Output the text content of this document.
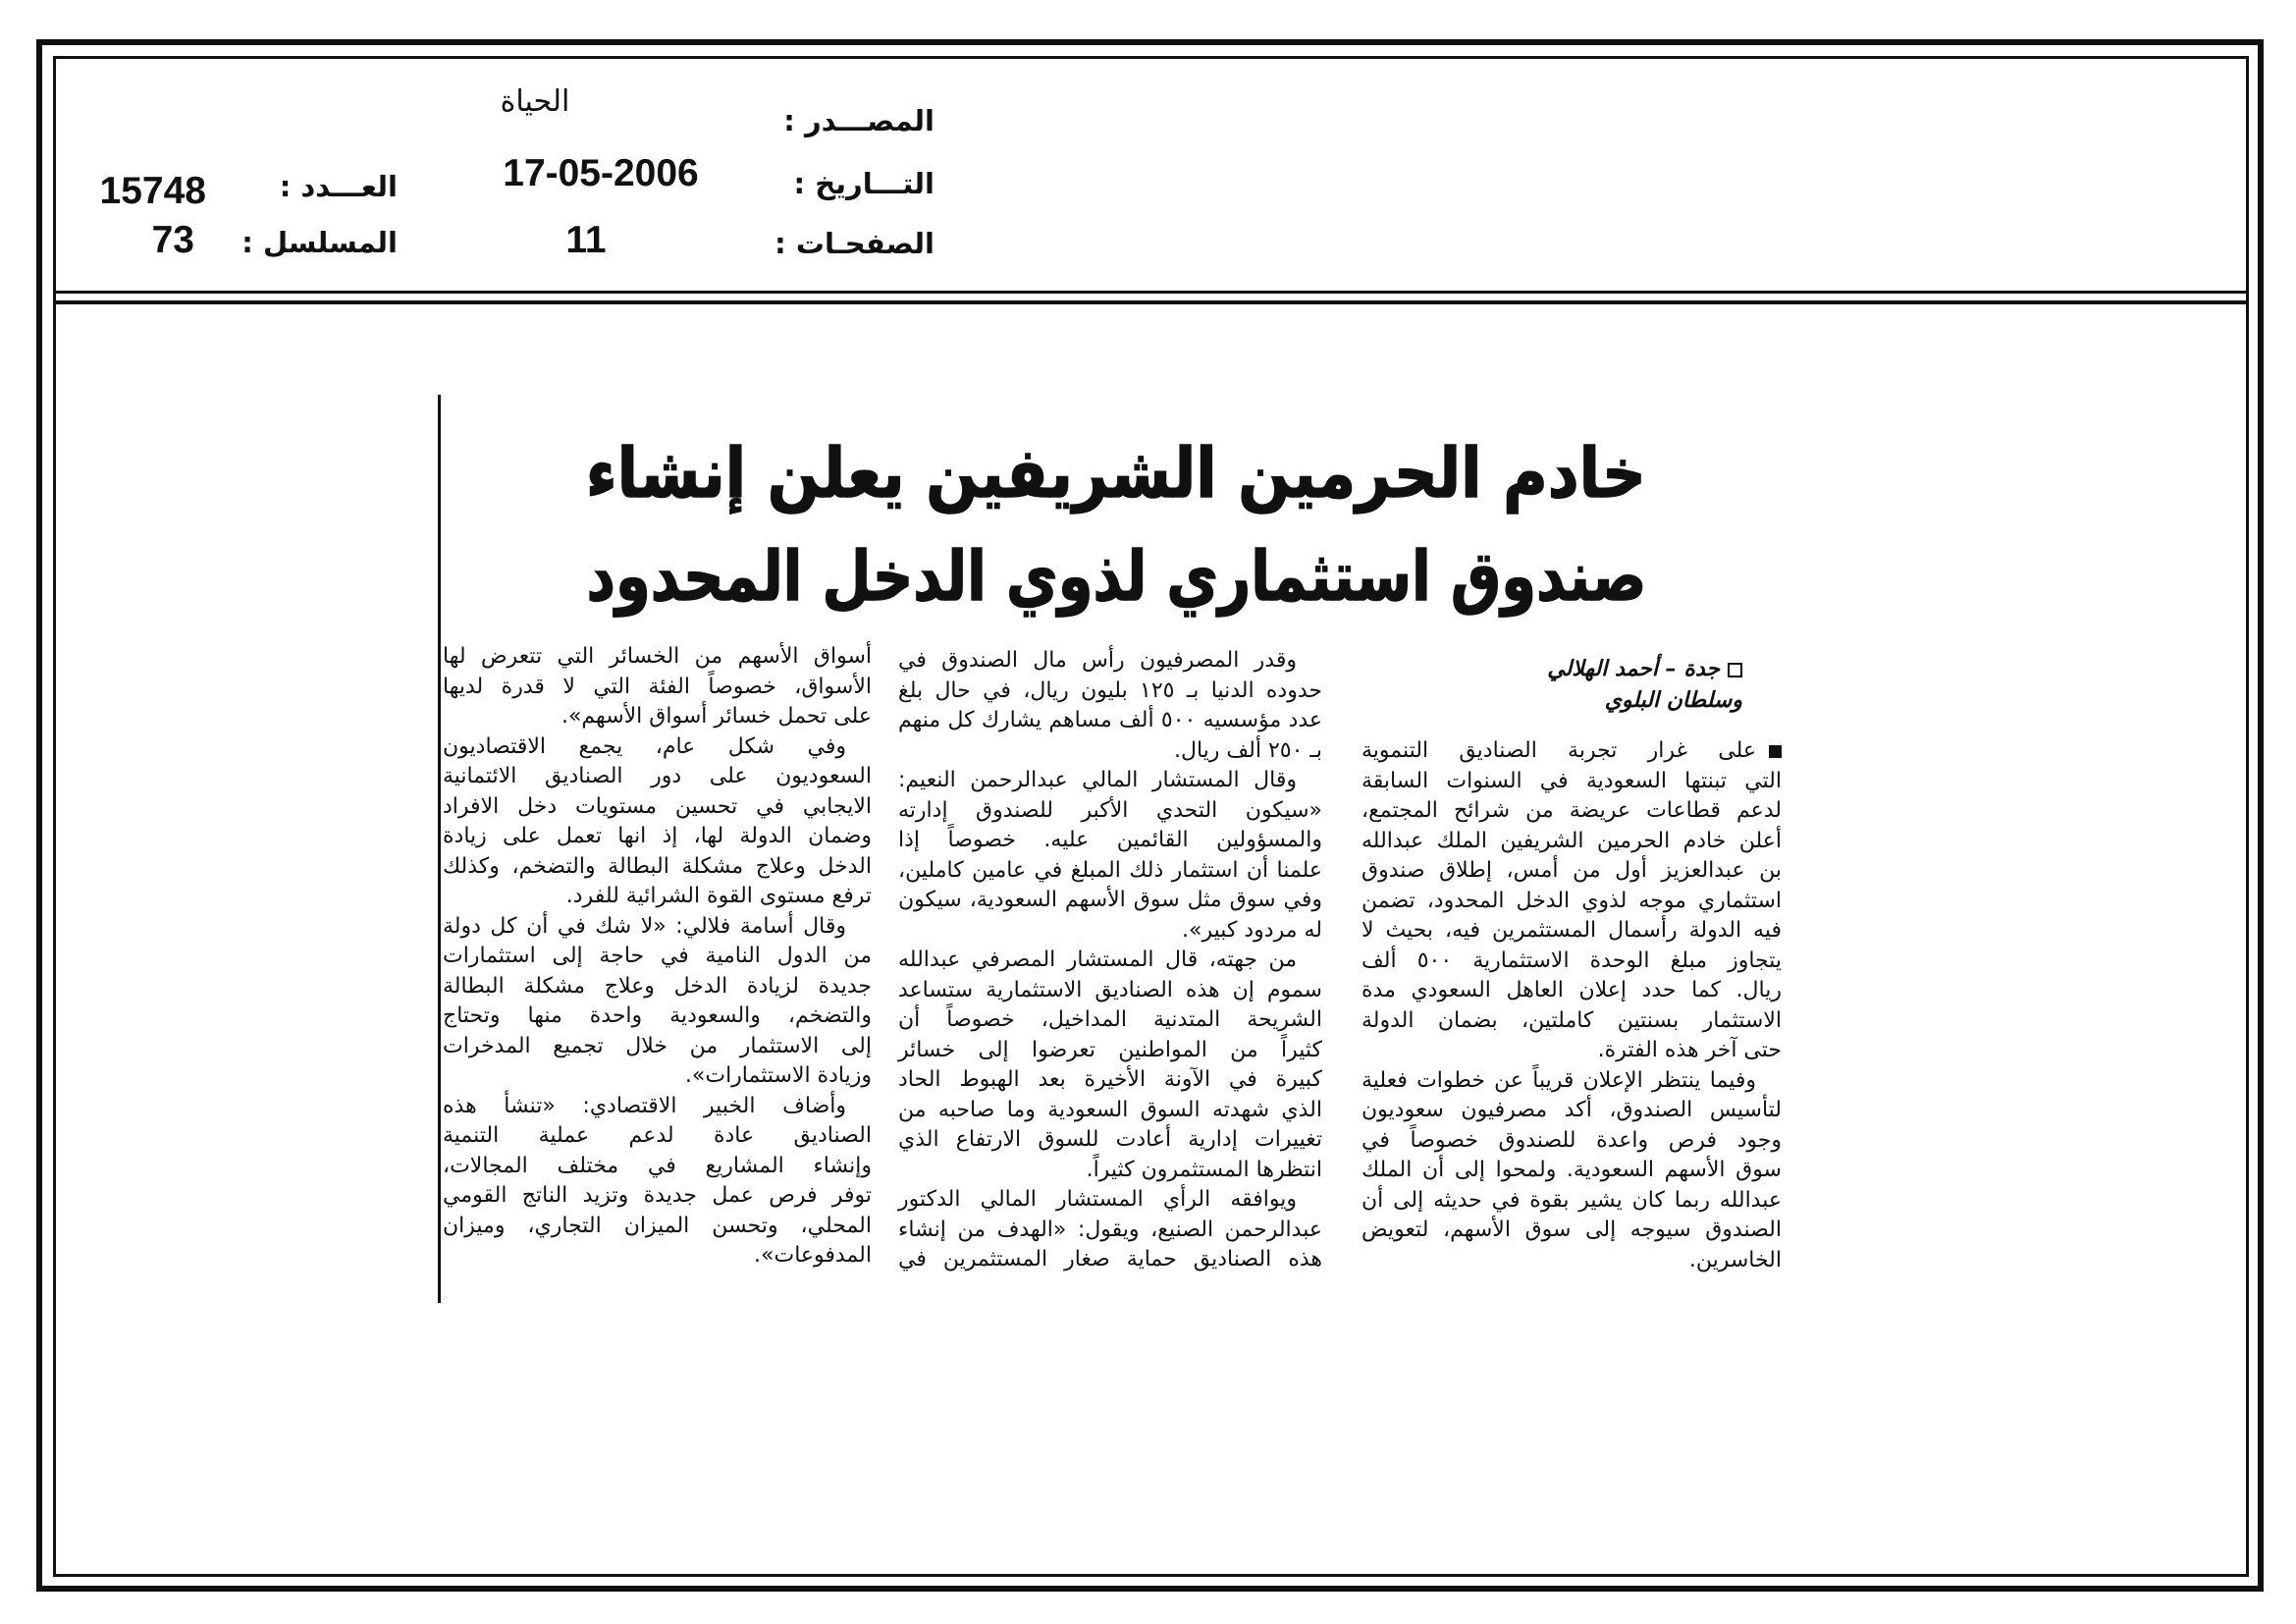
المصـــدر :
التـــاريخ :
الصفحـات :
الحياة
17-05-2006
11
العـــدد :
المسلسل :
15748
73
خادم الحرمين الشريفين يعلن إنشاء
صندوق استثماري لذوي الدخل المحدود
جدة – أحمد الهلالي
وسلطان البلوي
على غرار تجربة الصناديق التنموية
التي تبنتها السعودية في السنوات السابقة
لدعم قطاعات عريضة من شرائح المجتمع،
أعلن خادم الحرمين الشريفين الملك عبدالله
بن عبدالعزيز أول من أمس، إطلاق صندوق
استثماري موجه لذوي الدخل المحدود، تضمن
فيه الدولة رأسمال المستثمرين فيه، بحيث لا
يتجاوز مبلغ الوحدة الاستثمارية ٥٠٠ ألف
ريال. كما حدد إعلان العاهل السعودي مدة
الاستثمار بسنتين كاملتين، بضمان الدولة
حتى آخر هذه الفترة.
وفيما ينتظر الإعلان قريباً عن خطوات فعلية
لتأسيس الصندوق، أكد مصرفيون سعوديون
وجود فرص واعدة للصندوق خصوصاً في
سوق الأسهم السعودية. ولمحوا إلى أن الملك
عبدالله ربما كان يشير بقوة في حديثه إلى أن
الصندوق سيوجه إلى سوق الأسهم، لتعويض
الخاسرين.
وقدر المصرفيون رأس مال الصندوق في
حدوده الدنيا بـ ١٢٥ بليون ريال، في حال بلغ
عدد مؤسسيه ٥٠٠ ألف مساهم يشارك كل منهم
بـ ٢٥٠ ألف ريال.
وقال المستشار المالي عبدالرحمن النعيم:
«سيكون التحدي الأكبر للصندوق إدارته
والمسؤولين القائمين عليه. خصوصاً إذا
علمنا أن استثمار ذلك المبلغ في عامين كاملين،
وفي سوق مثل سوق الأسهم السعودية، سيكون
له مردود كبير».
من جهته، قال المستشار المصرفي عبدالله
سموم إن هذه الصناديق الاستثمارية ستساعد
الشريحة المتدنية المداخيل، خصوصاً أن
كثيراً من المواطنين تعرضوا إلى خسائر
كبيرة في الآونة الأخيرة بعد الهبوط الحاد
الذي شهدته السوق السعودية وما صاحبه من
تغييرات إدارية أعادت للسوق الارتفاع الذي
انتظرها المستثمرون كثيراً.
ويوافقه الرأي المستشار المالي الدكتور
عبدالرحمن الصنيع، ويقول: «الهدف من إنشاء
هذه الصناديق حماية صغار المستثمرين في
أسواق الأسهم من الخسائر التي تتعرض لها
الأسواق، خصوصاً الفئة التي لا قدرة لديها
على تحمل خسائر أسواق الأسهم».
وفي شكل عام، يجمع الاقتصاديون
السعوديون على دور الصناديق الائتمانية
الايجابي في تحسين مستويات دخل الافراد
وضمان الدولة لها، إذ انها تعمل على زيادة
الدخل وعلاج مشكلة البطالة والتضخم، وكذلك
ترفع مستوى القوة الشرائية للفرد.
وقال أسامة فلالي: «لا شك في أن كل دولة
من الدول النامية في حاجة إلى استثمارات
جديدة لزيادة الدخل وعلاج مشكلة البطالة
والتضخم، والسعودية واحدة منها وتحتاج
إلى الاستثمار من خلال تجميع المدخرات
وزيادة الاستثمارات».
وأضاف الخبير الاقتصادي: «تنشأ هذه
الصناديق عادة لدعم عملية التنمية
وإنشاء المشاريع في مختلف المجالات،
توفر فرص عمل جديدة وتزيد الناتج القومي
المحلي، وتحسن الميزان التجاري، وميزان
المدفوعات».
